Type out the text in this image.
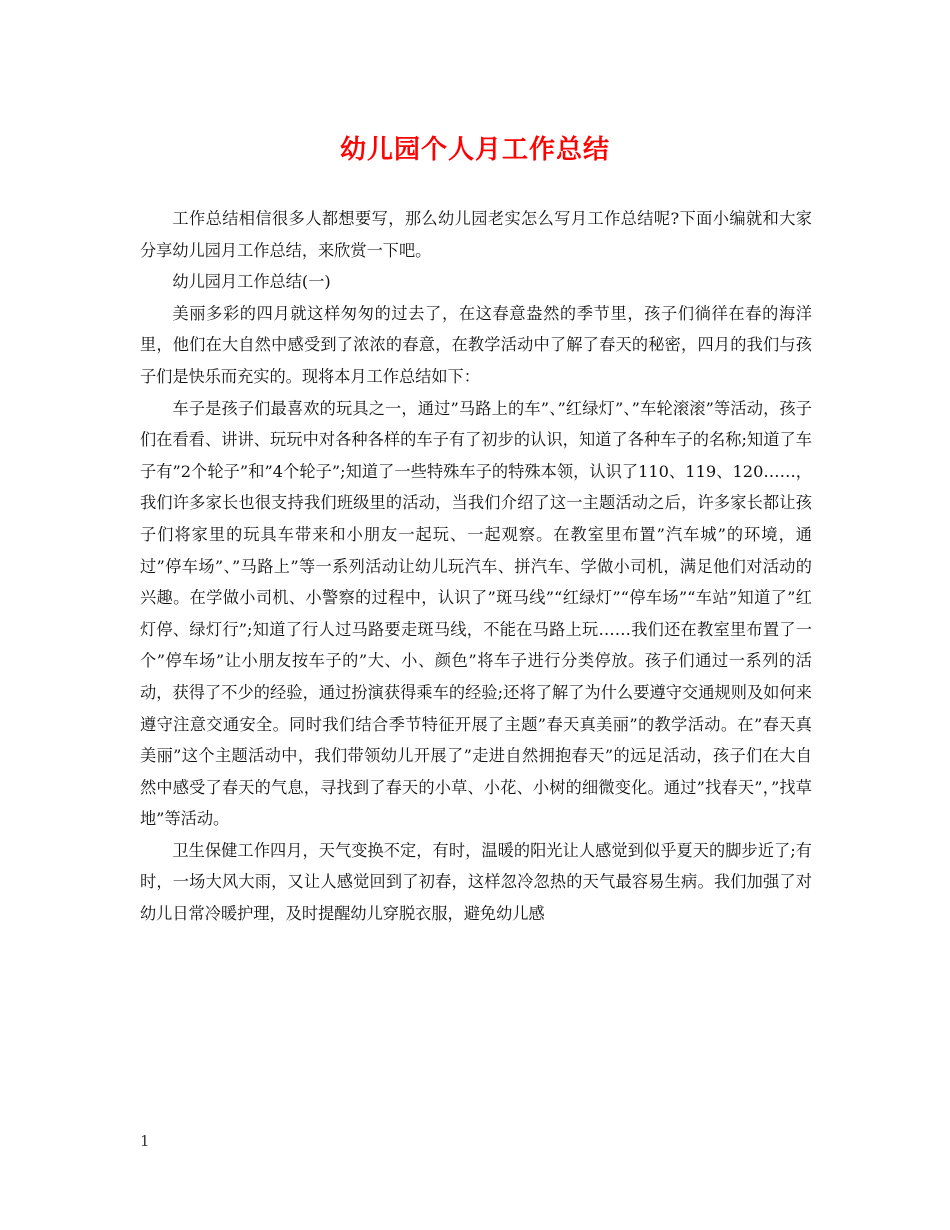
幼儿园个人月工作总结

工作总结相信很多人都想要写，那么幼儿园老实怎么写月工作总结呢?下面小编就和大家分享幼儿园月工作总结，来欣赏一下吧。

幼儿园月工作总结(一)

美丽多彩的四月就这样匆匆的过去了，在这春意盎然的季节里，孩子们徜徉在春的海洋里，他们在大自然中感受到了浓浓的春意，在教学活动中了解了春天的秘密，四月的我们与孩子们是快乐而充实的。现将本月工作总结如下：

车子是孩子们最喜欢的玩具之一，通过”马路上的车”、”红绿灯”、”车轮滚滚”等活动，孩子们在看看、讲讲、玩玩中对各种各样的车子有了初步的认识，知道了各种车子的名称;知道了车子有”2个轮子”和”4个轮子”;知道了一些特殊车子的特殊本领，认识了110、119、120……，我们许多家长也很支持我们班级里的活动，当我们介绍了这一主题活动之后，许多家长都让孩子们将家里的玩具车带来和小朋友一起玩、一起观察。在教室里布置”汽车城”的环境，通过”停车场”、”马路上”等一系列活动让幼儿玩汽车、拼汽车、学做小司机，满足他们对活动的兴趣。在学做小司机、小警察的过程中，认识了”斑马线”“红绿灯”“停车场”“车站”知道了”红灯停、绿灯行”;知道了行人过马路要走斑马线，不能在马路上玩……我们还在教室里布置了一个”停车场”让小朋友按车子的”大、小、颜色”将车子进行分类停放。孩子们通过一系列的活动，获得了不少的经验，通过扮演获得乘车的经验;还将了解了为什么要遵守交通规则及如何来遵守注意交通安全。同时我们结合季节特征开展了主题”春天真美丽”的教学活动。在”春天真美丽”这个主题活动中，我们带领幼儿开展了”走进自然拥抱春天”的远足活动，孩子们在大自然中感受了春天的气息，寻找到了春天的小草、小花、小树的细微变化。通过”找春天”，”找草地”等活动。

卫生保健工作四月，天气变换不定，有时，温暖的阳光让人感觉到似乎夏天的脚步近了;有时，一场大风大雨，又让人感觉回到了初春，这样忽冷忽热的天气最容易生病。我们加强了对幼儿日常冷暖护理，及时提醒幼儿穿脱衣服，避免幼儿感

1
